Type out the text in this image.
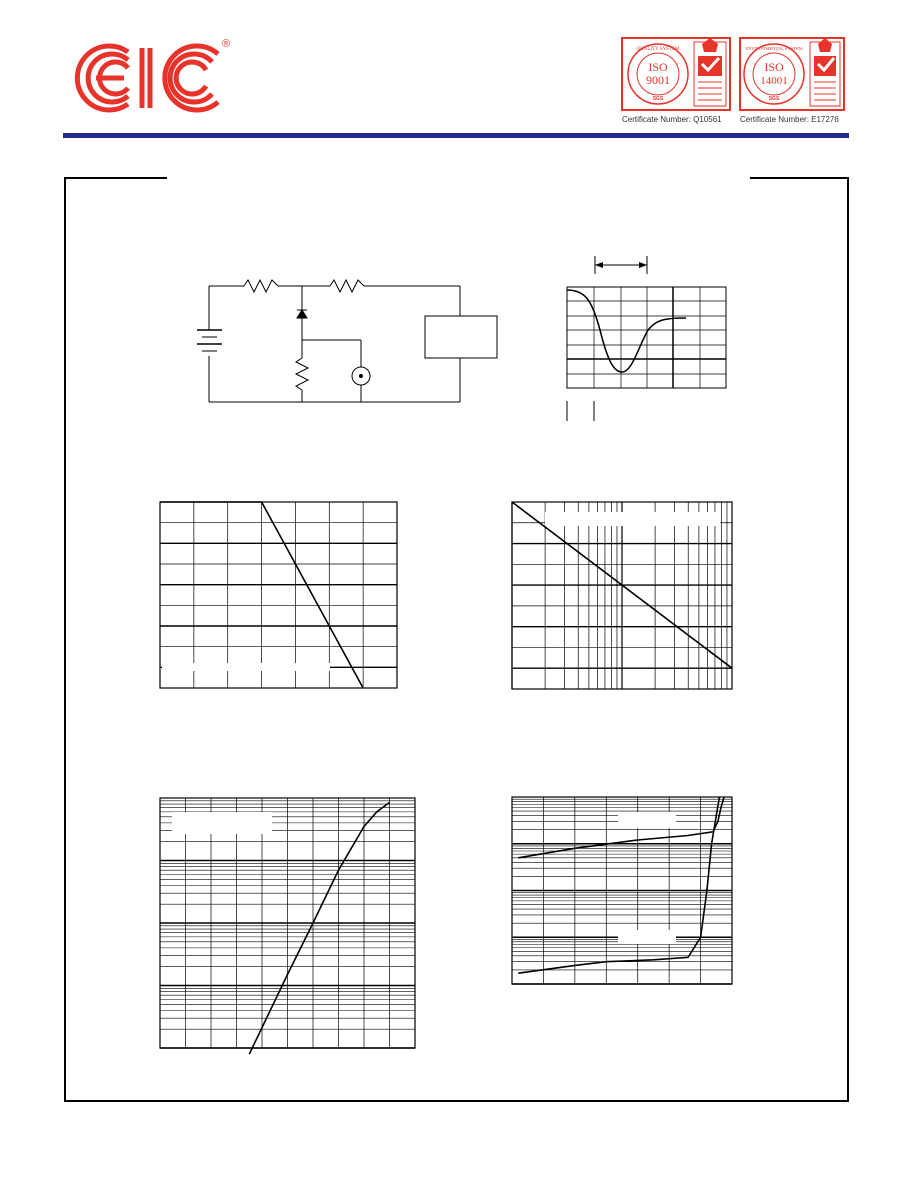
®	QUALITY SYSTEM
ISO
9001
SGS
ENVIRONMENTAL SYSTEM
ISO
14001
SGS
Certificate Number: Q10561 Certificate Number: E17276
